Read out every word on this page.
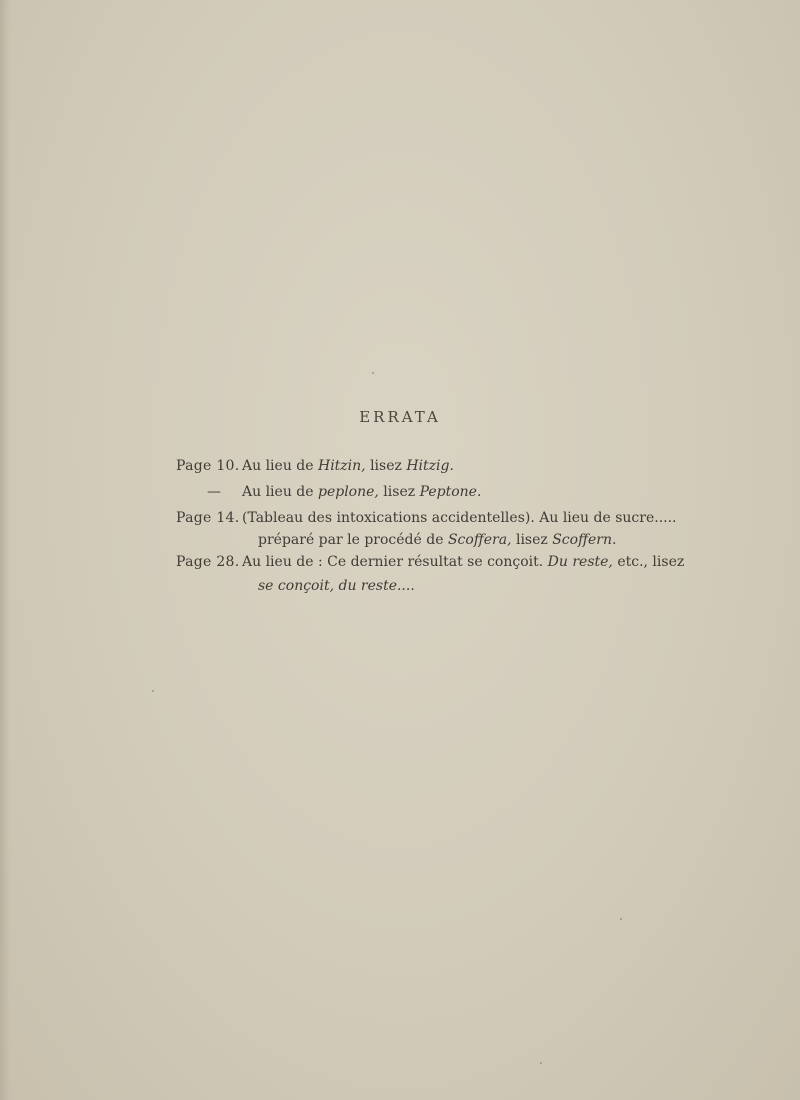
ERRATA
Page 10. Au lieu de Hitzin, lisez Hitzig.
— Au lieu de peplone, lisez Peptone.
Page 14. (Tableau des intoxications accidentelles). Au lieu de sucre.....
préparé par le procédé de Scoffera, lisez Scoffern.
Page 28. Au lieu de : Ce dernier résultat se conçoit. Du reste, etc., lisez
se conçoit, du reste....
